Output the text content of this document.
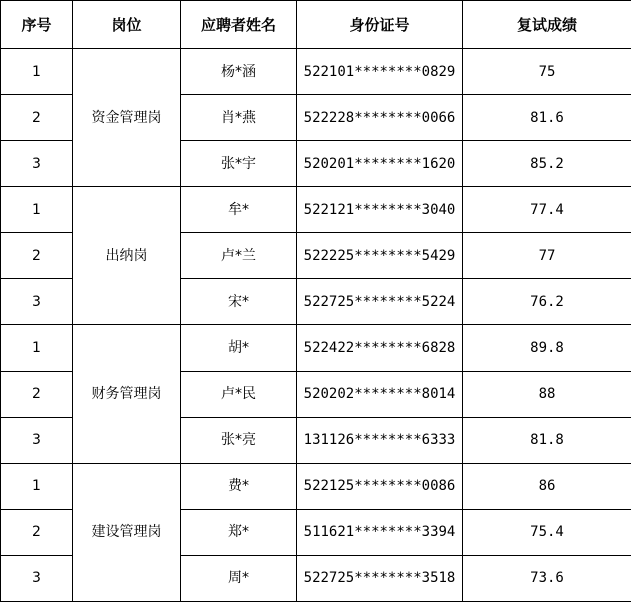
序号	岗位	应聘者姓名	身份证号	复试成绩
1	资金管理岗	杨*涵	522101********0829	75
2		肖*燕	522228********0066	81.6
3		张*宇	520201********1620	85.2
1	出纳岗	牟*	522121********3040	77.4
2		卢*兰	522225********5429	77
3		宋*	522725********5224	76.2
1	财务管理岗	胡*	522422********6828	89.8
2		卢*民	520202********8014	88
3		张*亮	131126********6333	81.8
1	建设管理岗	费*	522125********0086	86
2		郑*	511621********3394	75.4
3		周*	522725********3518	73.6
